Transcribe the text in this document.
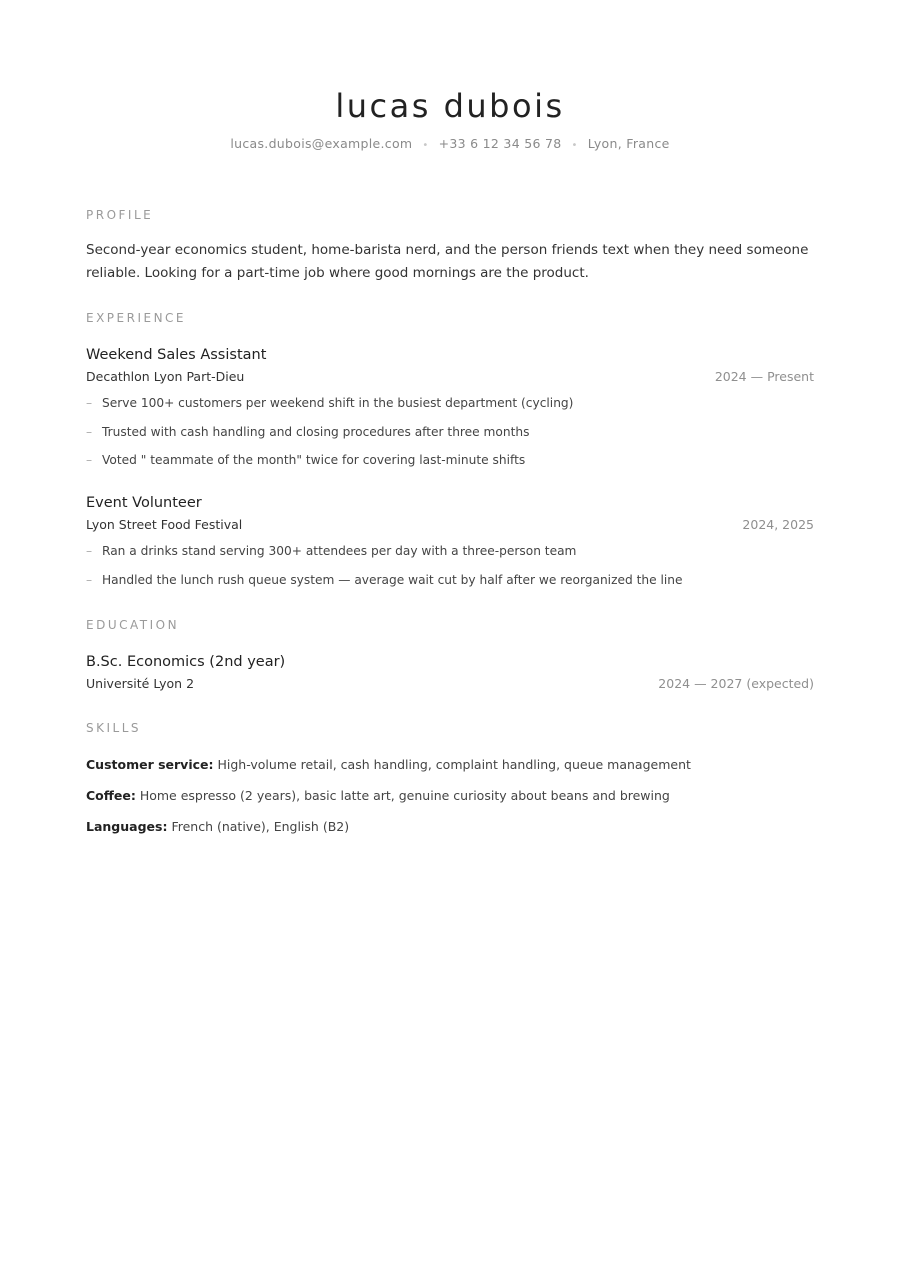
lucas dubois
lucas.dubois@example.com • +33 6 12 34 56 78 • Lyon, France
PROFILE
Second-year economics student, home-barista nerd, and the person friends text when they need someone reliable. Looking for a part-time job where good mornings are the product.
EXPERIENCE
Weekend Sales Assistant
Decathlon Lyon Part-Dieu	2024 — Present
– Serve 100+ customers per weekend shift in the busiest department (cycling)
– Trusted with cash handling and closing procedures after three months
– Voted " teammate of the month" twice for covering last-minute shifts
Event Volunteer
Lyon Street Food Festival	2024, 2025
– Ran a drinks stand serving 300+ attendees per day with a three-person team
– Handled the lunch rush queue system — average wait cut by half after we reorganized the line
EDUCATION
B.Sc. Economics (2nd year)
Université Lyon 2	2024 — 2027 (expected)
SKILLS
Customer service: High-volume retail, cash handling, complaint handling, queue management
Coffee: Home espresso (2 years), basic latte art, genuine curiosity about beans and brewing
Languages: French (native), English (B2)
